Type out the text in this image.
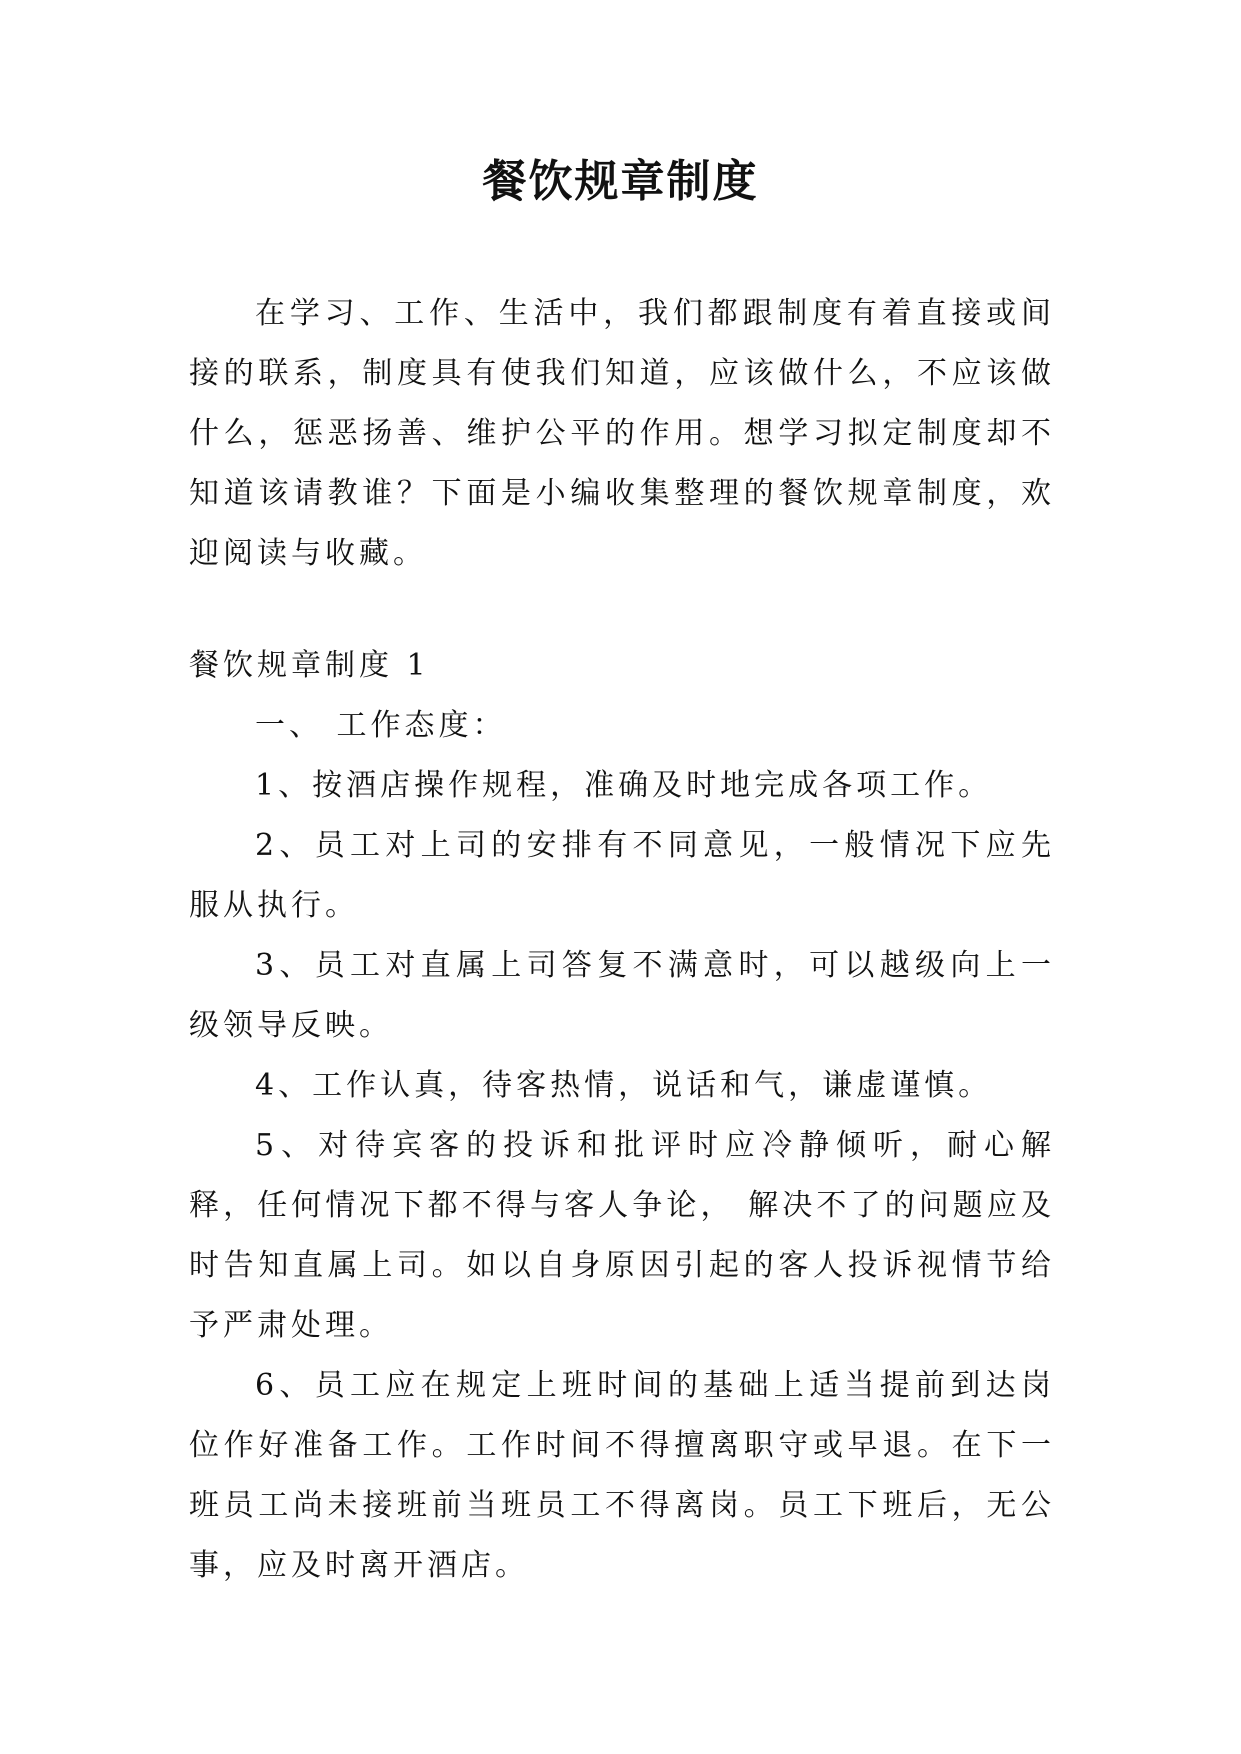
餐饮规章制度

在学习、工作、生活中，我们都跟制度有着直接或间接的联系，制度具有使我们知道，应该做什么，不应该做什么，惩恶扬善、维护公平的作用。想学习拟定制度却不知道该请教谁？下面是小编收集整理的餐饮规章制度，欢迎阅读与收藏。

餐饮规章制度 1

一、 工作态度：

1、按酒店操作规程，准确及时地完成各项工作。

2、员工对上司的安排有不同意见，一般情况下应先服从执行。

3、员工对直属上司答复不满意时，可以越级向上一级领导反映。

4、工作认真，待客热情，说话和气，谦虚谨慎。

5、对待宾客的投诉和批评时应冷静倾听，耐心解释，任何情况下都不得与客人争论， 解决不了的问题应及时告知直属上司。如以自身原因引起的客人投诉视情节给予严肃处理。

6、员工应在规定上班时间的基础上适当提前到达岗位作好准备工作。工作时间不得擅离职守或早退。在下一班员工尚未接班前当班员工不得离岗。员工下班后，无公事，应及时离开酒店。
